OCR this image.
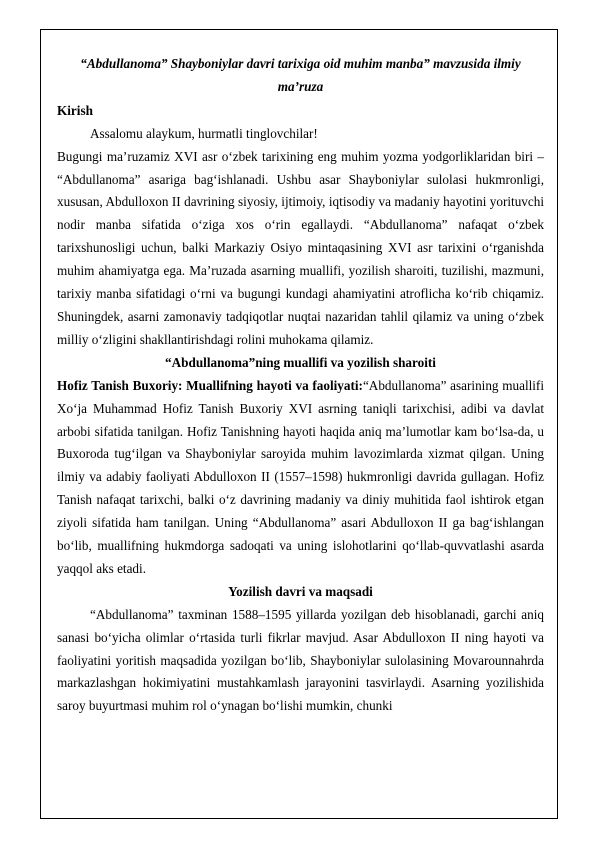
“Abdullanoma” Shayboniylar davri tarixiga oid muhim manba” mavzusida ilmiy ma’ruza

Kirish

Assalomu alaykum, hurmatli tinglovchilar!

Bugungi ma’ruzamiz XVI asr o‘zbek tarixining eng muhim yozma yodgorliklaridan biri – “Abdullanoma” asariga bag‘ishlanadi. Ushbu asar Shayboniylar sulolasi hukmronligi, xususan, Abdulloxon II davrining siyosiy, ijtimoiy, iqtisodiy va madaniy hayotini yorituvchi nodir manba sifatida o‘ziga xos o‘rin egallaydi. “Abdullanoma” nafaqat o‘zbek tarixshunosligi uchun, balki Markaziy Osiyo mintaqasining XVI asr tarixini o‘rganishda muhim ahamiyatga ega. Ma’ruzada asarning muallifi, yozilish sharoiti, tuzilishi, mazmuni, tarixiy manba sifatidagi o‘rni va bugungi kundagi ahamiyatini atroflicha ko‘rib chiqamiz. Shuningdek, asarni zamonaviy tadqiqotlar nuqtai nazaridan tahlil qilamiz va uning o‘zbek milliy o‘zligini shakllantirishdagi rolini muhokama qilamiz.

“Abdullanoma”ning muallifi va yozilish sharoiti

Hofiz Tanish Buxoriy: Muallifning hayoti va faoliyati:“Abdullanoma” asarining muallifi Xo‘ja Muhammad Hofiz Tanish Buxoriy XVI asrning taniqli tarixchisi, adibi va davlat arbobi sifatida tanilgan. Hofiz Tanishning hayoti haqida aniq ma’lumotlar kam bo‘lsa-da, u Buxoroda tug‘ilgan va Shayboniylar saroyida muhim lavozimlarda xizmat qilgan. Uning ilmiy va adabiy faoliyati Abdulloxon II (1557–1598) hukmronligi davrida gullagan. Hofiz Tanish nafaqat tarixchi, balki o‘z davrining madaniy va diniy muhitida faol ishtirok etgan ziyoli sifatida ham tanilgan. Uning “Abdullanoma” asari Abdulloxon II ga bag‘ishlangan bo‘lib, muallifning hukmdorga sadoqati va uning islohotlarini qo‘llab-quvvatlashi asarda yaqqol aks etadi.

Yozilish davri va maqsadi

“Abdullanoma” taxminan 1588–1595 yillarda yozilgan deb hisoblanadi, garchi aniq sanasi bo‘yicha olimlar o‘rtasida turli fikrlar mavjud. Asar Abdulloxon II ning hayoti va faoliyatini yoritish maqsadida yozilgan bo‘lib, Shayboniylar sulolasining Movarounnahrda markazlashgan hokimiyatini mustahkamlash jarayonini tasvirlaydi. Asarning yozilishida saroy buyurtmasi muhim rol o‘ynagan bo‘lishi mumkin, chunki
